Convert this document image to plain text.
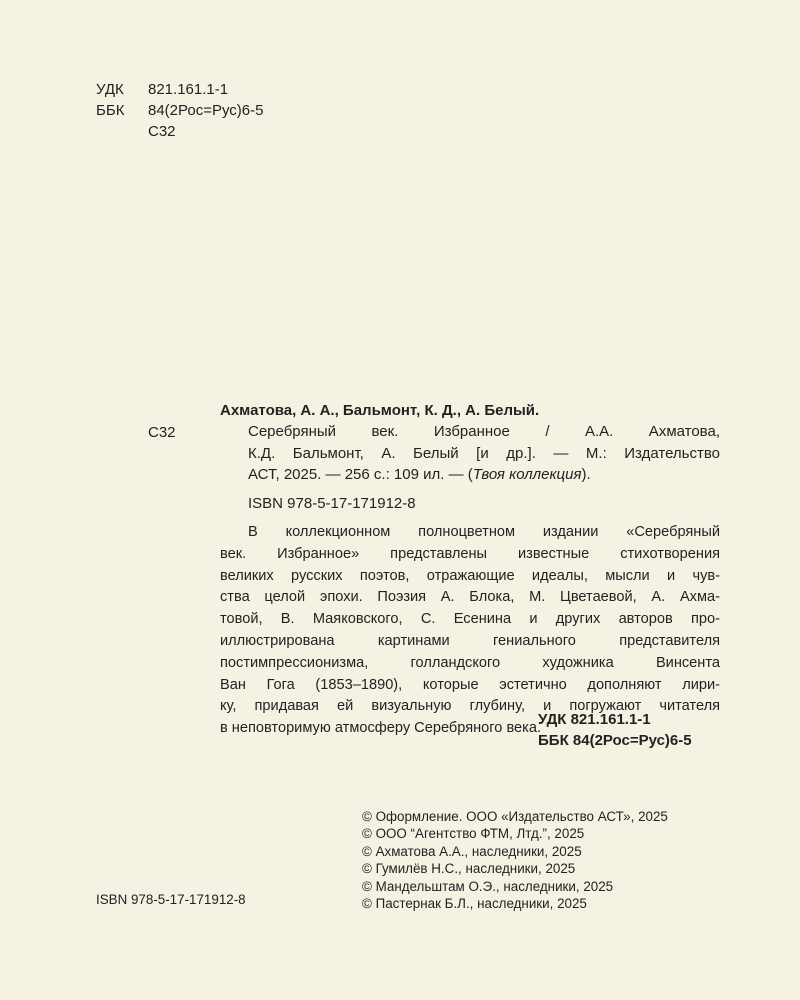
УДК 821.161.1-1
ББК 84(2Рос=Рус)6-5
С32
Ахматова, А. А., Бальмонт, К. Д., А. Белый.
С32	Серебряный век. Избранное / А.А. Ахматова,
К.Д. Бальмонт, А. Белый [и др.]. — М.: Издательство
АСТ, 2025. — 256 с.: 109 ил. — (Твоя коллекция).
ISBN 978-5-17-171912-8
В коллекционном полноцветном издании «Серебряный
век. Избранное» представлены известные стихотворения
великих русских поэтов, отражающие идеалы, мысли и чув-
ства целой эпохи. Поэзия А. Блока, М. Цветаевой, А. Ахма-
товой, В. Маяковского, С. Есенина и других авторов про-
иллюстрирована картинами гениального представителя
постимпрессионизма, голландского художника Винсента
Ван Гога (1853–1890), которые эстетично дополняют лири-
ку, придавая ей визуальную глубину, и погружают читателя
в неповторимую атмосферу Серебряного века.
УДК 821.161.1-1
ББК 84(2Рос=Рус)6-5
© Оформление. ООО «Издательство АСТ», 2025
© ООО “Агентство ФТМ, Лтд.”, 2025
© Ахматова А.А., наследники, 2025
© Гумилёв Н.С., наследники, 2025
© Мандельштам О.Э., наследники, 2025
© Пастернак Б.Л., наследники, 2025
ISBN 978-5-17-171912-8
